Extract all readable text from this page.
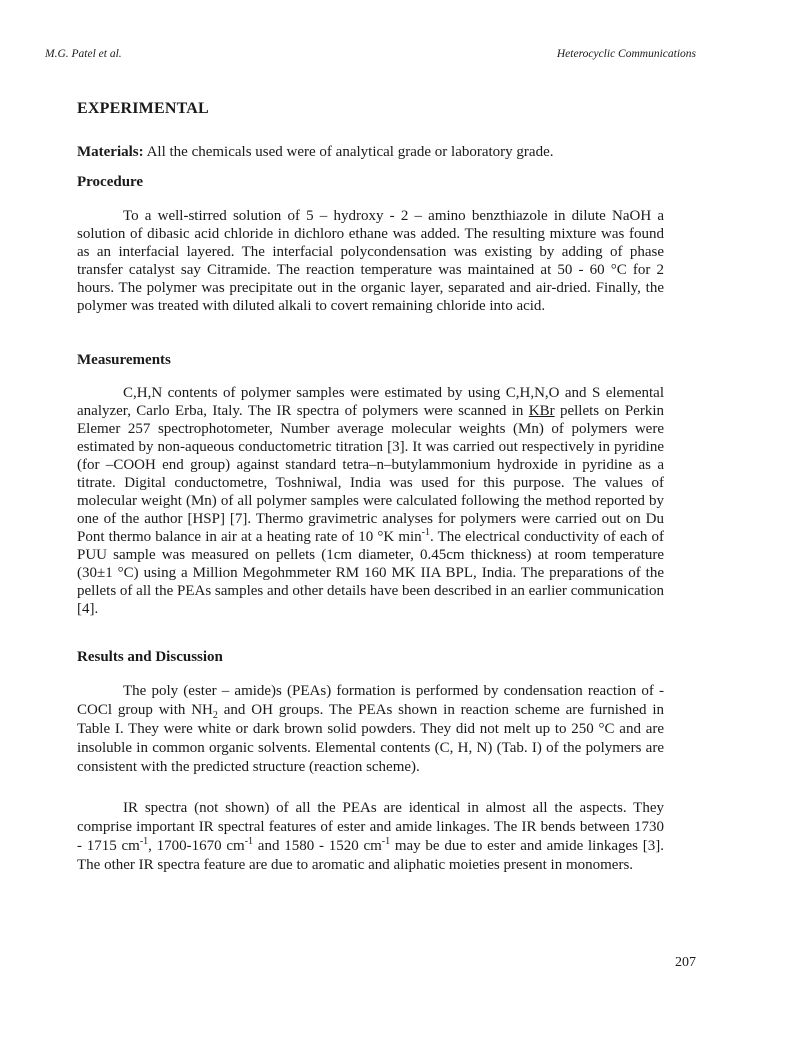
M.G. Patel et al.	Heterocyclic Communications
EXPERIMENTAL
Materials: All the chemicals used were of analytical grade or laboratory grade.
Procedure
To a well-stirred solution of 5 – hydroxy - 2 – amino benzthiazole in dilute NaOH a solution of dibasic acid chloride in dichloro ethane was added. The resulting mixture was found as an interfacial layered. The interfacial polycondensation was existing by adding of phase transfer catalyst say Citramide. The reaction temperature was maintained at 50 - 60 °C for 2 hours. The polymer was precipitate out in the organic layer, separated and air-dried. Finally, the polymer was treated with diluted alkali to covert remaining chloride into acid.
Measurements
C,H,N contents of polymer samples were estimated by using C,H,N,O and S elemental analyzer, Carlo Erba, Italy. The IR spectra of polymers were scanned in KBr pellets on Perkin Elemer 257 spectrophotometer, Number average molecular weights (Mn) of polymers were estimated by non-aqueous conductometric titration [3]. It was carried out respectively in pyridine (for –COOH end group) against standard tetra–n–butylammonium hydroxide in pyridine as a titrate. Digital conductometre, Toshniwal, India was used for this purpose. The values of molecular weight (Mn) of all polymer samples were calculated following the method reported by one of the author [HSP] [7]. Thermo gravimetric analyses for polymers were carried out on Du Pont thermo balance in air at a heating rate of 10 °K $\min^{-1}$. The electrical conductivity of each of PUU sample was measured on pellets (1cm diameter, 0.45cm thickness) at room temperature (30±1 °C) using a Million Megohmmeter RM 160 MK IIA BPL, India. The preparations of the pellets of all the PEAs samples and other details have been described in an earlier communication [4].
Results and Discussion
The poly (ester – amide)s (PEAs) formation is performed by condensation reaction of -COCl group with $NH_2$ and OH groups. The PEAs shown in reaction scheme are furnished in Table I. They were white or dark brown solid powders. They did not melt up to 250 °C and are insoluble in common organic solvents. Elemental contents (C, H, N) (Tab. I) of the polymers are consistent with the predicted structure (reaction scheme).
IR spectra (not shown) of all the PEAs are identical in almost all the aspects. They comprise important IR spectral features of ester and amide linkages. The IR bends between 1730 - 1715 $cm^{-1}$, 1700-1670 $cm^{-1}$ and 1580 - 1520 $cm^{-1}$ may be due to ester and amide linkages [3]. The other IR spectra feature are due to aromatic and aliphatic moieties present in monomers.
207
